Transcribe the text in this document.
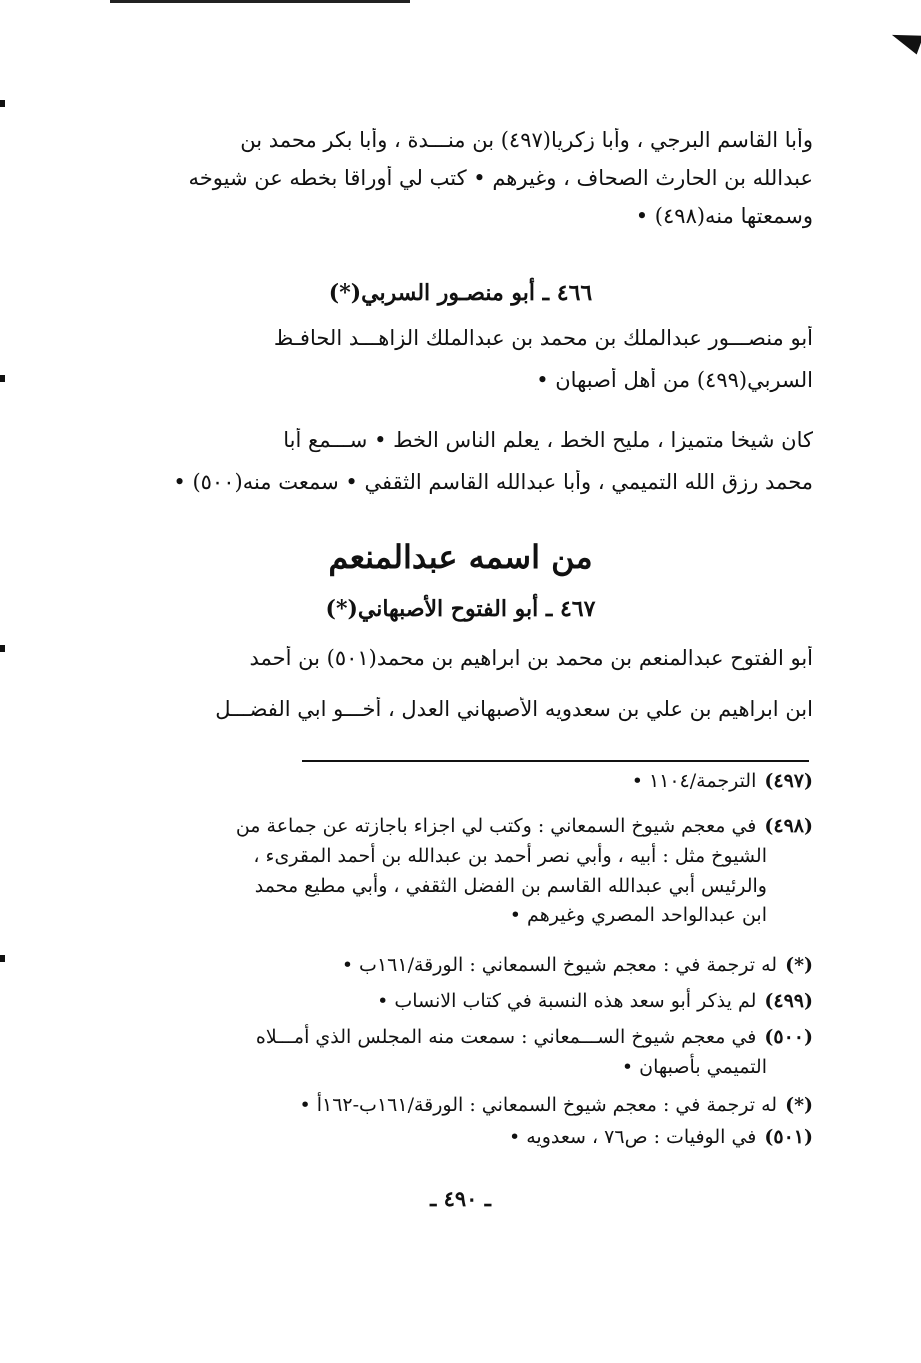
وأبا القاسم البرجي ، وأبا زكريا(٤٩٧) بن منـــدة ، وأبا بكر محمد بن
عبدالله بن الحارث الصحاف ، وغيرهم • كتب لي أوراقا بخطه عن شيوخه
وسمعتها منه(٤٩٨) •
٤٦٦ ـ أبو منصـور السربي(*)
أبو منصـــور عبدالملك بن محمد بن عبدالملك الزاهـــد الحافـظ
السربي(٤٩٩) من أهل أصبهان •
كان شيخا متميزا ، مليح الخط ، يعلم الناس الخط • ســـمع أبا
محمد رزق الله التميمي ، وأبا عبدالله القاسم الثقفي • سمعت منه(٥٠٠) •
من اسمه عبدالمنعم
٤٦٧ ـ أبو الفتوح الأصبهاني(*)
أبو الفتوح عبدالمنعم بن محمد بن ابراهيم بن محمد(٥٠١) بن أحمد
ابن ابراهيم بن علي بن سعدويه الأصبهاني العدل ، أخـــو ابي الفضـــل
(٤٩٧)الترجمة/١١٠٤ •
(٤٩٨)في معجم شيوخ السمعاني : وكتب لي اجزاء باجازته عن جماعة من
الشيوخ مثل : أبيه ، وأبي نصر أحمد بن عبدالله بن أحمد المقرىء ،
والرئيس أبي عبدالله القاسم بن الفضل الثقفي ، وأبي مطيع محمد
ابن عبدالواحد المصري وغيرهم •
(*)له ترجمة في : معجم شيوخ السمعاني : الورقة/١٦١ب •
(٤٩٩)لم يذكر أبو سعد هذه النسبة في كتاب الانساب •
(٥٠٠)في معجم شيوخ الســـمعاني : سمعت منه المجلس الذي أمـــلاه
التميمي بأصبهان •
(*)له ترجمة في : معجم شيوخ السمعاني : الورقة/١٦١ب-١٦٢أ •
(٥٠١)في الوفيات : ص٧٦ ، سعدويه •
ـ ٤٩٠ ـ
